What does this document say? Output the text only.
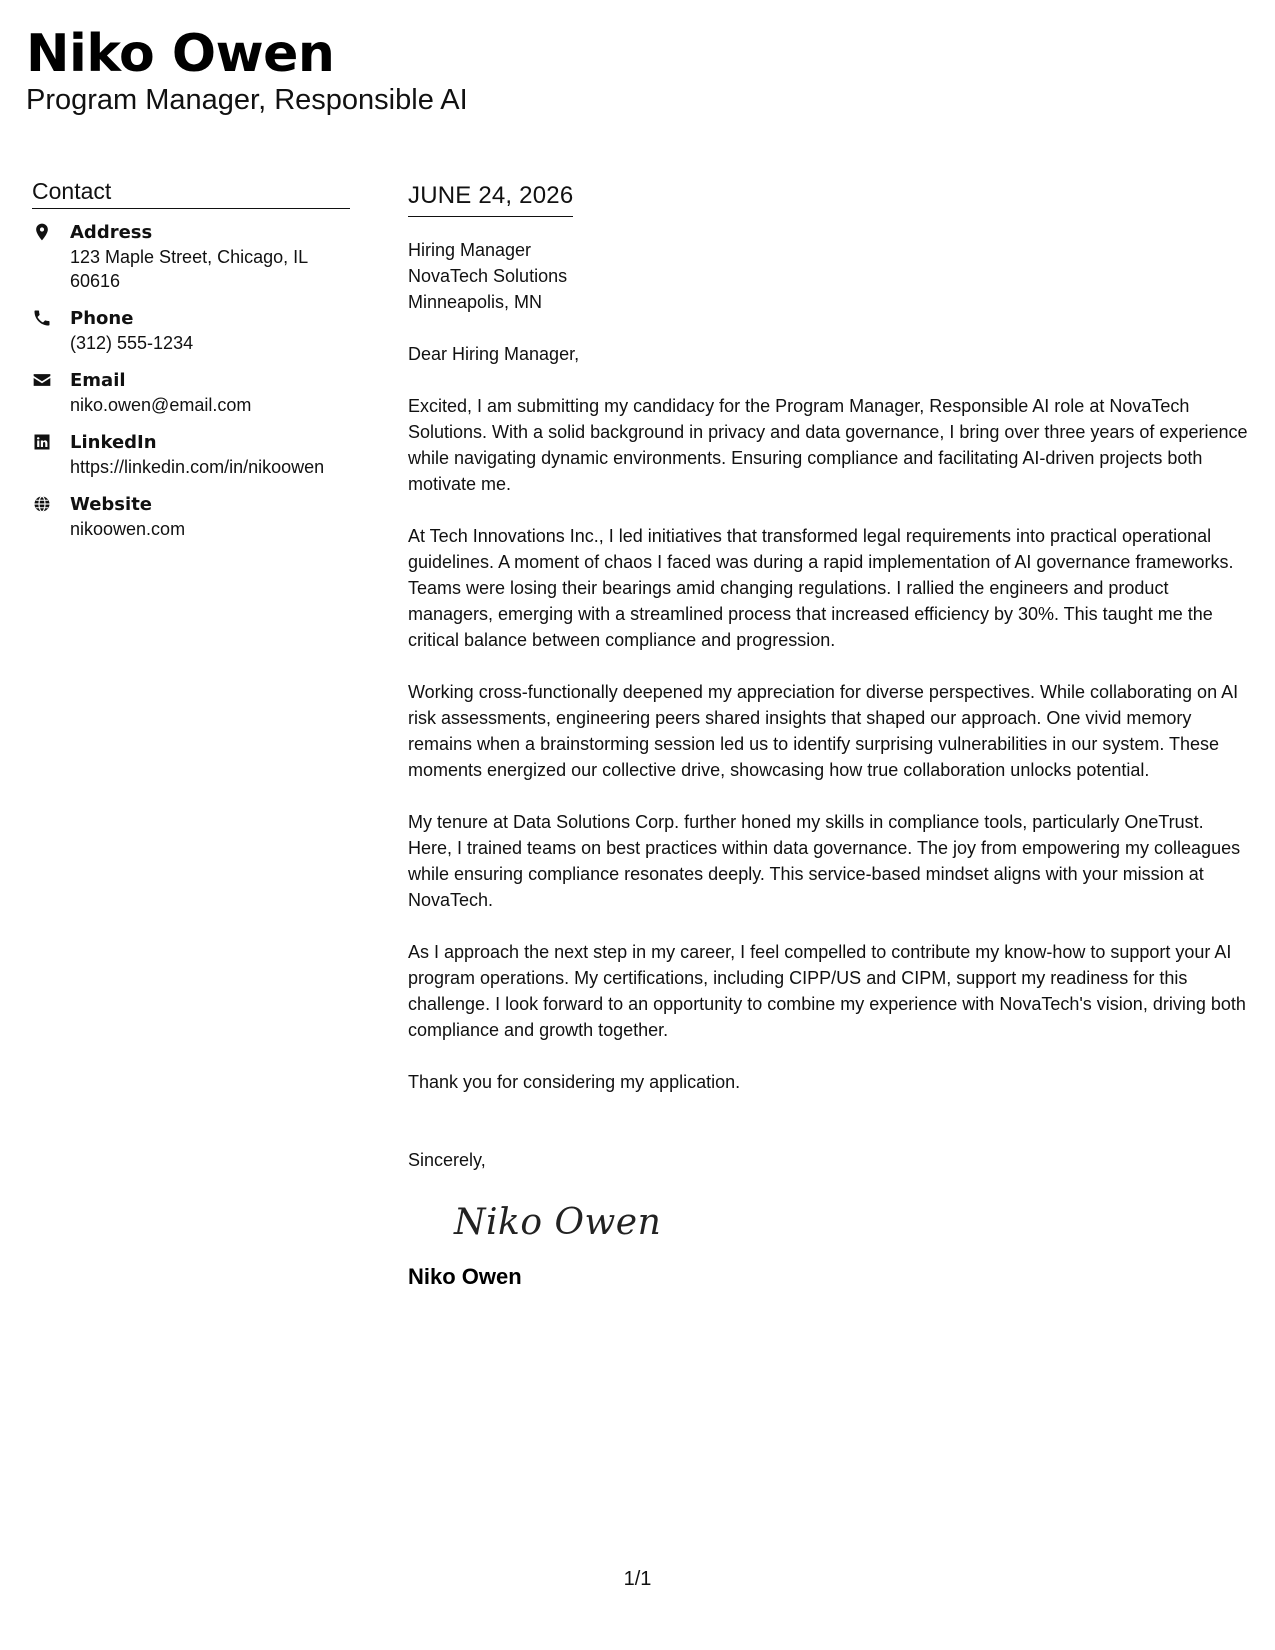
Niko Owen
Program Manager, Responsible AI
Contact
Address
123 Maple Street, Chicago, IL 60616
Phone
(312) 555-1234
Email
niko.owen@email.com
LinkedIn
https://linkedin.com/in/nikoowen
Website
nikoowen.com
JUNE 24, 2026
Hiring Manager
NovaTech Solutions
Minneapolis, MN
Dear Hiring Manager,

Excited, I am submitting my candidacy for the Program Manager, Responsible AI role at NovaTech Solutions. With a solid background in privacy and data governance, I bring over three years of experience while navigating dynamic environments. Ensuring compliance and facilitating AI-driven projects both motivate me.

At Tech Innovations Inc., I led initiatives that transformed legal requirements into practical operational guidelines. A moment of chaos I faced was during a rapid implementation of AI governance frameworks. Teams were losing their bearings amid changing regulations. I rallied the engineers and product managers, emerging with a streamlined process that increased efficiency by 30%. This taught me the critical balance between compliance and progression.

Working cross-functionally deepened my appreciation for diverse perspectives. While collaborating on AI risk assessments, engineering peers shared insights that shaped our approach. One vivid memory remains when a brainstorming session led us to identify surprising vulnerabilities in our system. These moments energized our collective drive, showcasing how true collaboration unlocks potential.

My tenure at Data Solutions Corp. further honed my skills in compliance tools, particularly OneTrust. Here, I trained teams on best practices within data governance. The joy from empowering my colleagues while ensuring compliance resonates deeply. This service-based mindset aligns with your mission at NovaTech.

As I approach the next step in my career, I feel compelled to contribute my know-how to support your AI program operations. My certifications, including CIPP/US and CIPM, support my readiness for this challenge. I look forward to an opportunity to combine my experience with NovaTech's vision, driving both compliance and growth together.

Thank you for considering my application.
Sincerely,
Niko Owen
Niko Owen
1/1
